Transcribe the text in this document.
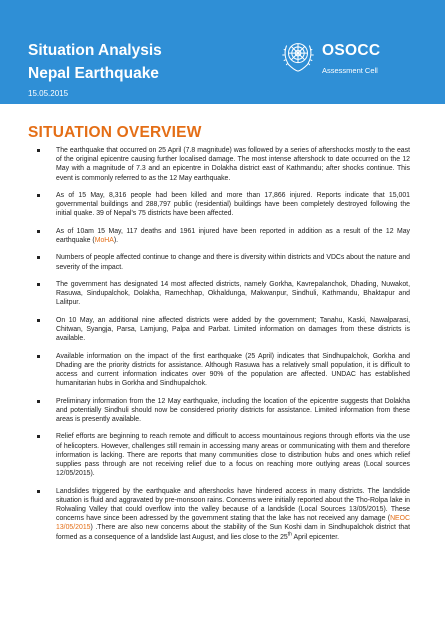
Situation Analysis
Nepal Earthquake
15.05.2015
OSOCC
Assessment Cell
SITUATION OVERVIEW
The earthquake that occurred on 25 April (7.8 magnitude) was followed by a series of aftershocks mostly to the east of the original epicentre causing further localised damage. The most intense aftershock to date occurred on the 12 May with a magnitude of 7.3 and an epicentre in Dolakha district east of Kathmandu; after shocks continue. This event is commonly referred to as the 12 May earthquake.
As of 15 May, 8,316 people had been killed and more than 17,866 injured. Reports indicate that 15,001 governmental buildings and 288,797 public (residential) buildings have been completely destroyed following the initial quake. 39 of Nepal's 75 districts have been affected.
As of 10am 15 May, 117 deaths and 1961 injured have been reported in addition as a result of the 12 May earthquake (MoHA).
Numbers of people affected continue to change and there is diversity within districts and VDCs about the nature and severity of the impact.
The government has designated 14 most affected districts, namely Gorkha, Kavrepalanchok, Dhading, Nuwakot, Rasuwa, Sindupalchok, Dolakha, Ramechhap, Okhaldunga, Makwanpur, Sindhuli, Kathmandu, Bhaktapur and Lalitpur.
On 10 May, an additional nine affected districts were added by the government; Tanahu, Kaski, Nawalparasi, Chitwan, Syangja, Parsa, Lamjung, Palpa and Parbat. Limited information on damages from these districts is available.
Available information on the impact of the first earthquake (25 April) indicates that Sindhupalchok, Gorkha and Dhading are the priority districts for assistance. Although Rasuwa has a relatively small population, it is difficult to access and current information indicates over 90% of the population are affected. UNDAC has established humanitarian hubs in Gorkha and Sindhupalchok.
Preliminary information from the 12 May earthquake, including the location of the epicentre suggests that Dolakha and potentially Sindhuli should now be considered priority districts for assistance. Limited information from these areas is presently available.
Relief efforts are beginning to reach remote and difficult to access mountainous regions through efforts via the use of helicopters. However, challenges still remain in accessing many areas or communicating with them and therefore information is lacking. There are reports that many communities close to distribution hubs and ones which relief supplies pass through are not receiving relief due to a focus on reaching more outlying areas (Local sources 12/05/2015).
Landslides triggered by the earthquake and aftershocks have hindered access in many districts. The landslide situation is fluid and aggravated by pre-monsoon rains. Concerns were initially reported about the Tho-Rolpa lake in Rolwaling Valley that could overflow into the valley because of a landslide (Local Sources 13/05/2015). These concerns have since been adressed by the government stating that the lake has not received any damage (NEOC 13/05/2015) .There are also new concerns about the stability of the Sun Koshi dam in Sindhupalchok district that formed as a consequence of a landslide last August, and lies close to the 25th April epicenter.
